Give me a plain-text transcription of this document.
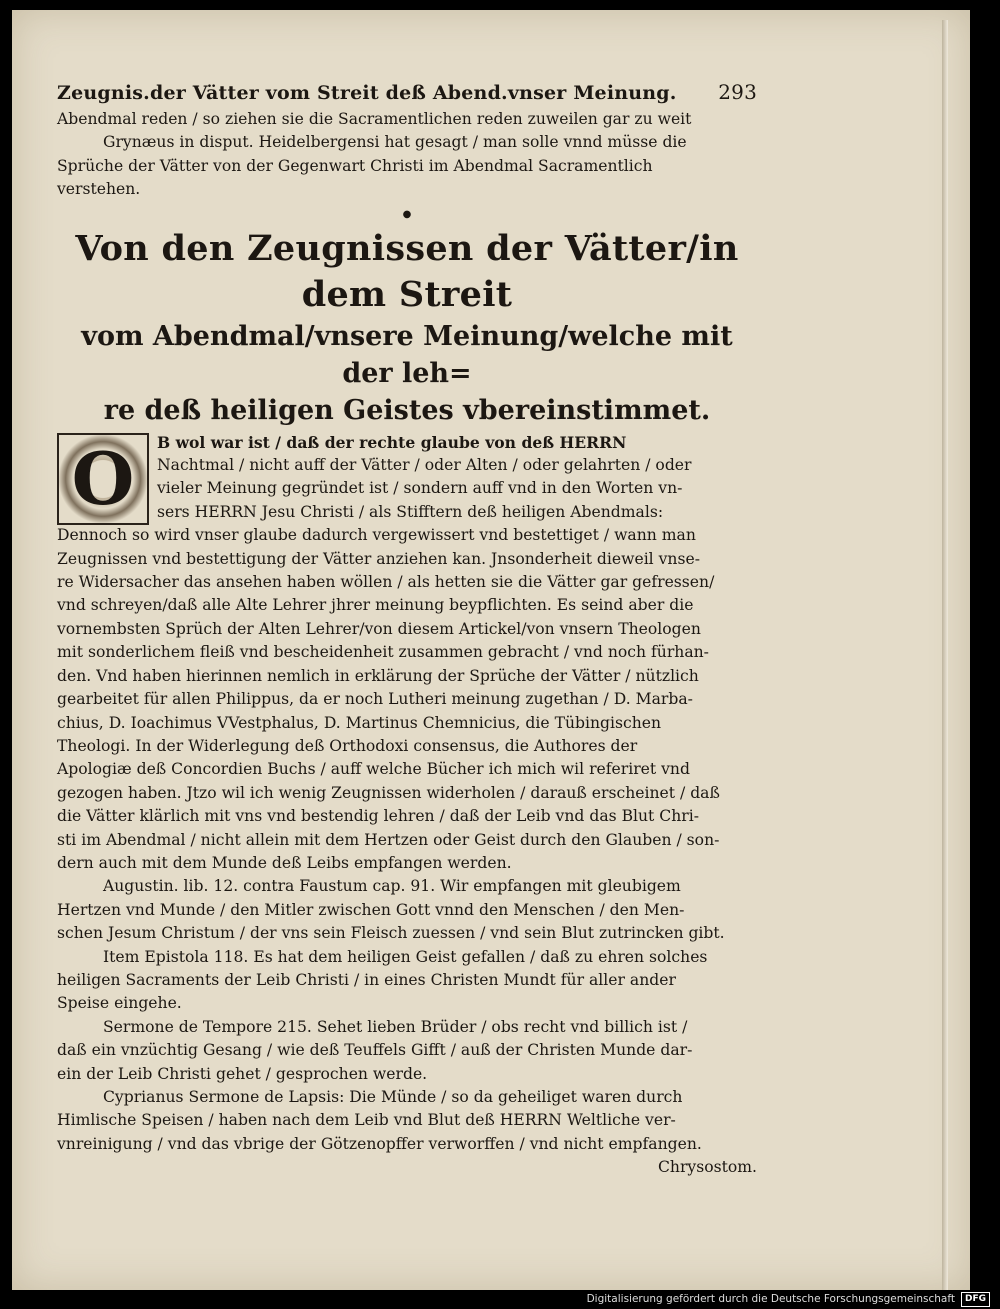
Zeugnis.der Vätter vom Streit deß Abend.vnser Meinung. 293

Abendmal reden / so ziehen sie die Sacramentlichen reden zuweilen gar zu weit

Grynæus in disput. Heidelbergensi hat gesagt / man solle vnnd müsse die

Sprüche der Vätter von der Gegenwart Christi im Abendmal Sacramentlich

verstehen.

●
Von den Zeugnissen der Vätter/in dem Streit
vom Abendmal/vnsere Meinung/welche mit der leh=
re deß heiligen Geistes vbereinstimmet.
O	B wol war ist / daß der rechte glaube von deß HERRN

Nachtmal / nicht auff der Vätter / oder Alten / oder gelahrten / oder

vieler Meinung gegründet ist / sondern auff vnd in den Worten vn-

sers HERRN Jesu Christi / als Stifftern deß heiligen Abendmals:

Dennoch so wird vnser glaube dadurch vergewissert vnd bestettiget / wann man

Zeugnissen vnd bestettigung der Vätter anziehen kan. Jnsonderheit dieweil vnse-

re Widersacher das ansehen haben wöllen / als hetten sie die Vätter gar gefressen/

vnd schreyen/daß alle Alte Lehrer jhrer meinung beypflichten. Es seind aber die

vornembsten Sprüch der Alten Lehrer/von diesem Artickel/von vnsern Theologen

mit sonderlichem fleiß vnd bescheidenheit zusammen gebracht / vnd noch fürhan-

den. Vnd haben hierinnen nemlich in erklärung der Sprüche der Vätter / nützlich

gearbeitet für allen Philippus, da er noch Lutheri meinung zugethan / D. Marba-

chius, D. Ioachimus VVestphalus, D. Martinus Chemnicius, die Tübingischen

Theologi. In der Widerlegung deß Orthodoxi consensus, die Authores der

Apologiæ deß Concordien Buchs / auff welche Bücher ich mich wil referiret vnd

gezogen haben. Jtzo wil ich wenig Zeugnissen widerholen / darauß erscheinet / daß

die Vätter klärlich mit vns vnd bestendig lehren / daß der Leib vnd das Blut Chri-

sti im Abendmal / nicht allein mit dem Hertzen oder Geist durch den Glauben / son-

dern auch mit dem Munde deß Leibs empfangen werden.

Augustin. lib. 12. contra Faustum cap. 91. Wir empfangen mit gleubigem

Hertzen vnd Munde / den Mitler zwischen Gott vnnd den Menschen / den Men-

schen Jesum Christum / der vns sein Fleisch zuessen / vnd sein Blut zutrincken gibt.

Item Epistola 118. Es hat dem heiligen Geist gefallen / daß zu ehren solches

heiligen Sacraments der Leib Christi / in eines Christen Mundt für aller ander

Speise eingehe.

Sermone de Tempore 215. Sehet lieben Brüder / obs recht vnd billich ist /

daß ein vnzüchtig Gesang / wie deß Teuffels Gifft / auß der Christen Munde dar-

ein der Leib Christi gehet / gesprochen werde.

Cyprianus Sermone de Lapsis: Die Münde / so da geheiliget waren durch

Himlische Speisen / haben nach dem Leib vnd Blut deß HERRN Weltliche ver-

vnreinigung / vnd das vbrige der Götzenopffer verworffen / vnd nicht empfangen.

Chrysostom.

Digitalisierung gefördert durch die Deutsche Forschungsgemeinschaft	DFG
